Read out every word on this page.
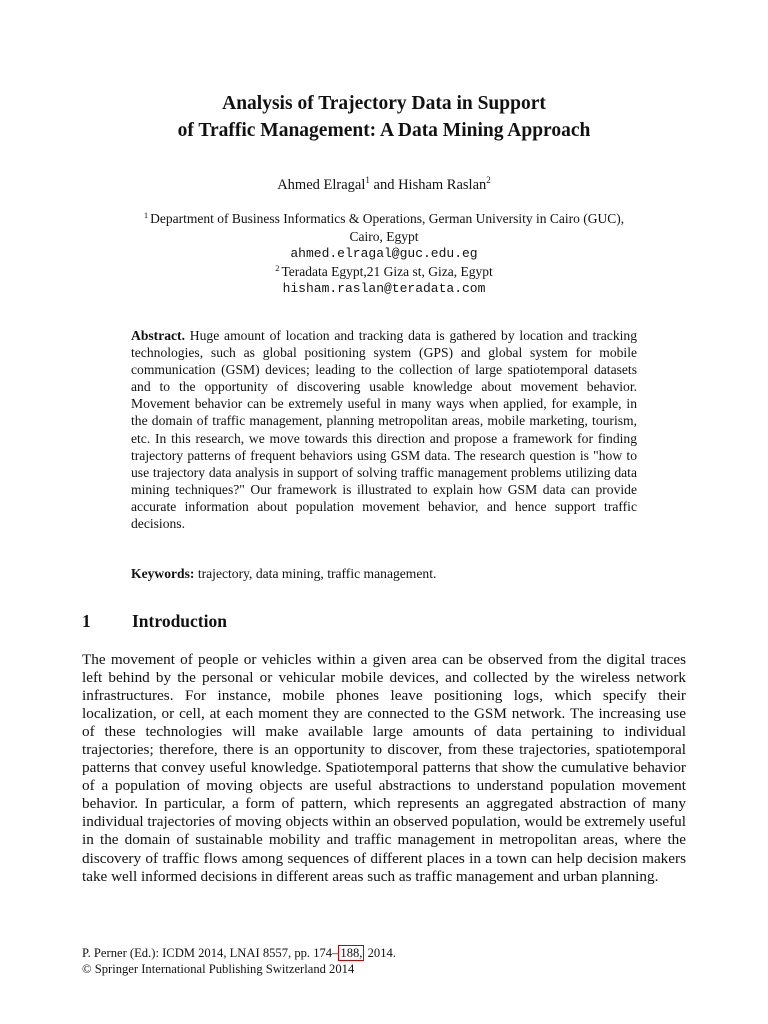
Analysis of Trajectory Data in Support
of Traffic Management: A Data Mining Approach
Ahmed Elragal$^1$ and Hisham Raslan$^2$
$^1$ Department of Business Informatics & Operations, German University in Cairo (GUC),
Cairo, Egypt
ahmed.elragal@guc.edu.eg
$^2$ Teradata Egypt,21 Giza st, Giza, Egypt
hisham.raslan@teradata.com
Abstract. Huge amount of location and tracking data is gathered by location and tracking technologies, such as global positioning system (GPS) and global system for mobile communication (GSM) devices; leading to the collection of large spatiotemporal datasets and to the opportunity of discovering usable knowledge about movement behavior. Movement behavior can be extremely useful in many ways when applied, for example, in the domain of traffic management, planning metropolitan areas, mobile marketing, tourism, etc. In this research, we move towards this direction and propose a framework for finding trajectory patterns of frequent behaviors using GSM data. The research question is "how to use trajectory data analysis in support of solving traffic management problems utilizing data mining techniques?" Our framework is illustrated to explain how GSM data can provide accurate information about population movement behavior, and hence support traffic decisions.
Keywords: trajectory, data mining, traffic management.
1 Introduction
The movement of people or vehicles within a given area can be observed from the digital traces left behind by the personal or vehicular mobile devices, and collected by the wireless network infrastructures. For instance, mobile phones leave positioning logs, which specify their localization, or cell, at each moment they are connected to the GSM network. The increasing use of these technologies will make available large amounts of data pertaining to individual trajectories; therefore, there is an opportunity to discover, from these trajectories, spatiotemporal patterns that convey useful knowledge. Spatiotemporal patterns that show the cumulative behavior of a population of moving objects are useful abstractions to understand population movement behavior. In particular, a form of pattern, which represents an aggregated abstraction of many individual trajectories of moving objects within an observed population, would be extremely useful in the domain of sustainable mobility and traffic management in metropolitan areas, where the discovery of traffic flows among sequences of different places in a town can help decision makers take well informed decisions in different areas such as traffic management and urban planning.
P. Perner (Ed.): ICDM 2014, LNAI 8557, pp. 174– 188, 2014.
© Springer International Publishing Switzerland 2014
